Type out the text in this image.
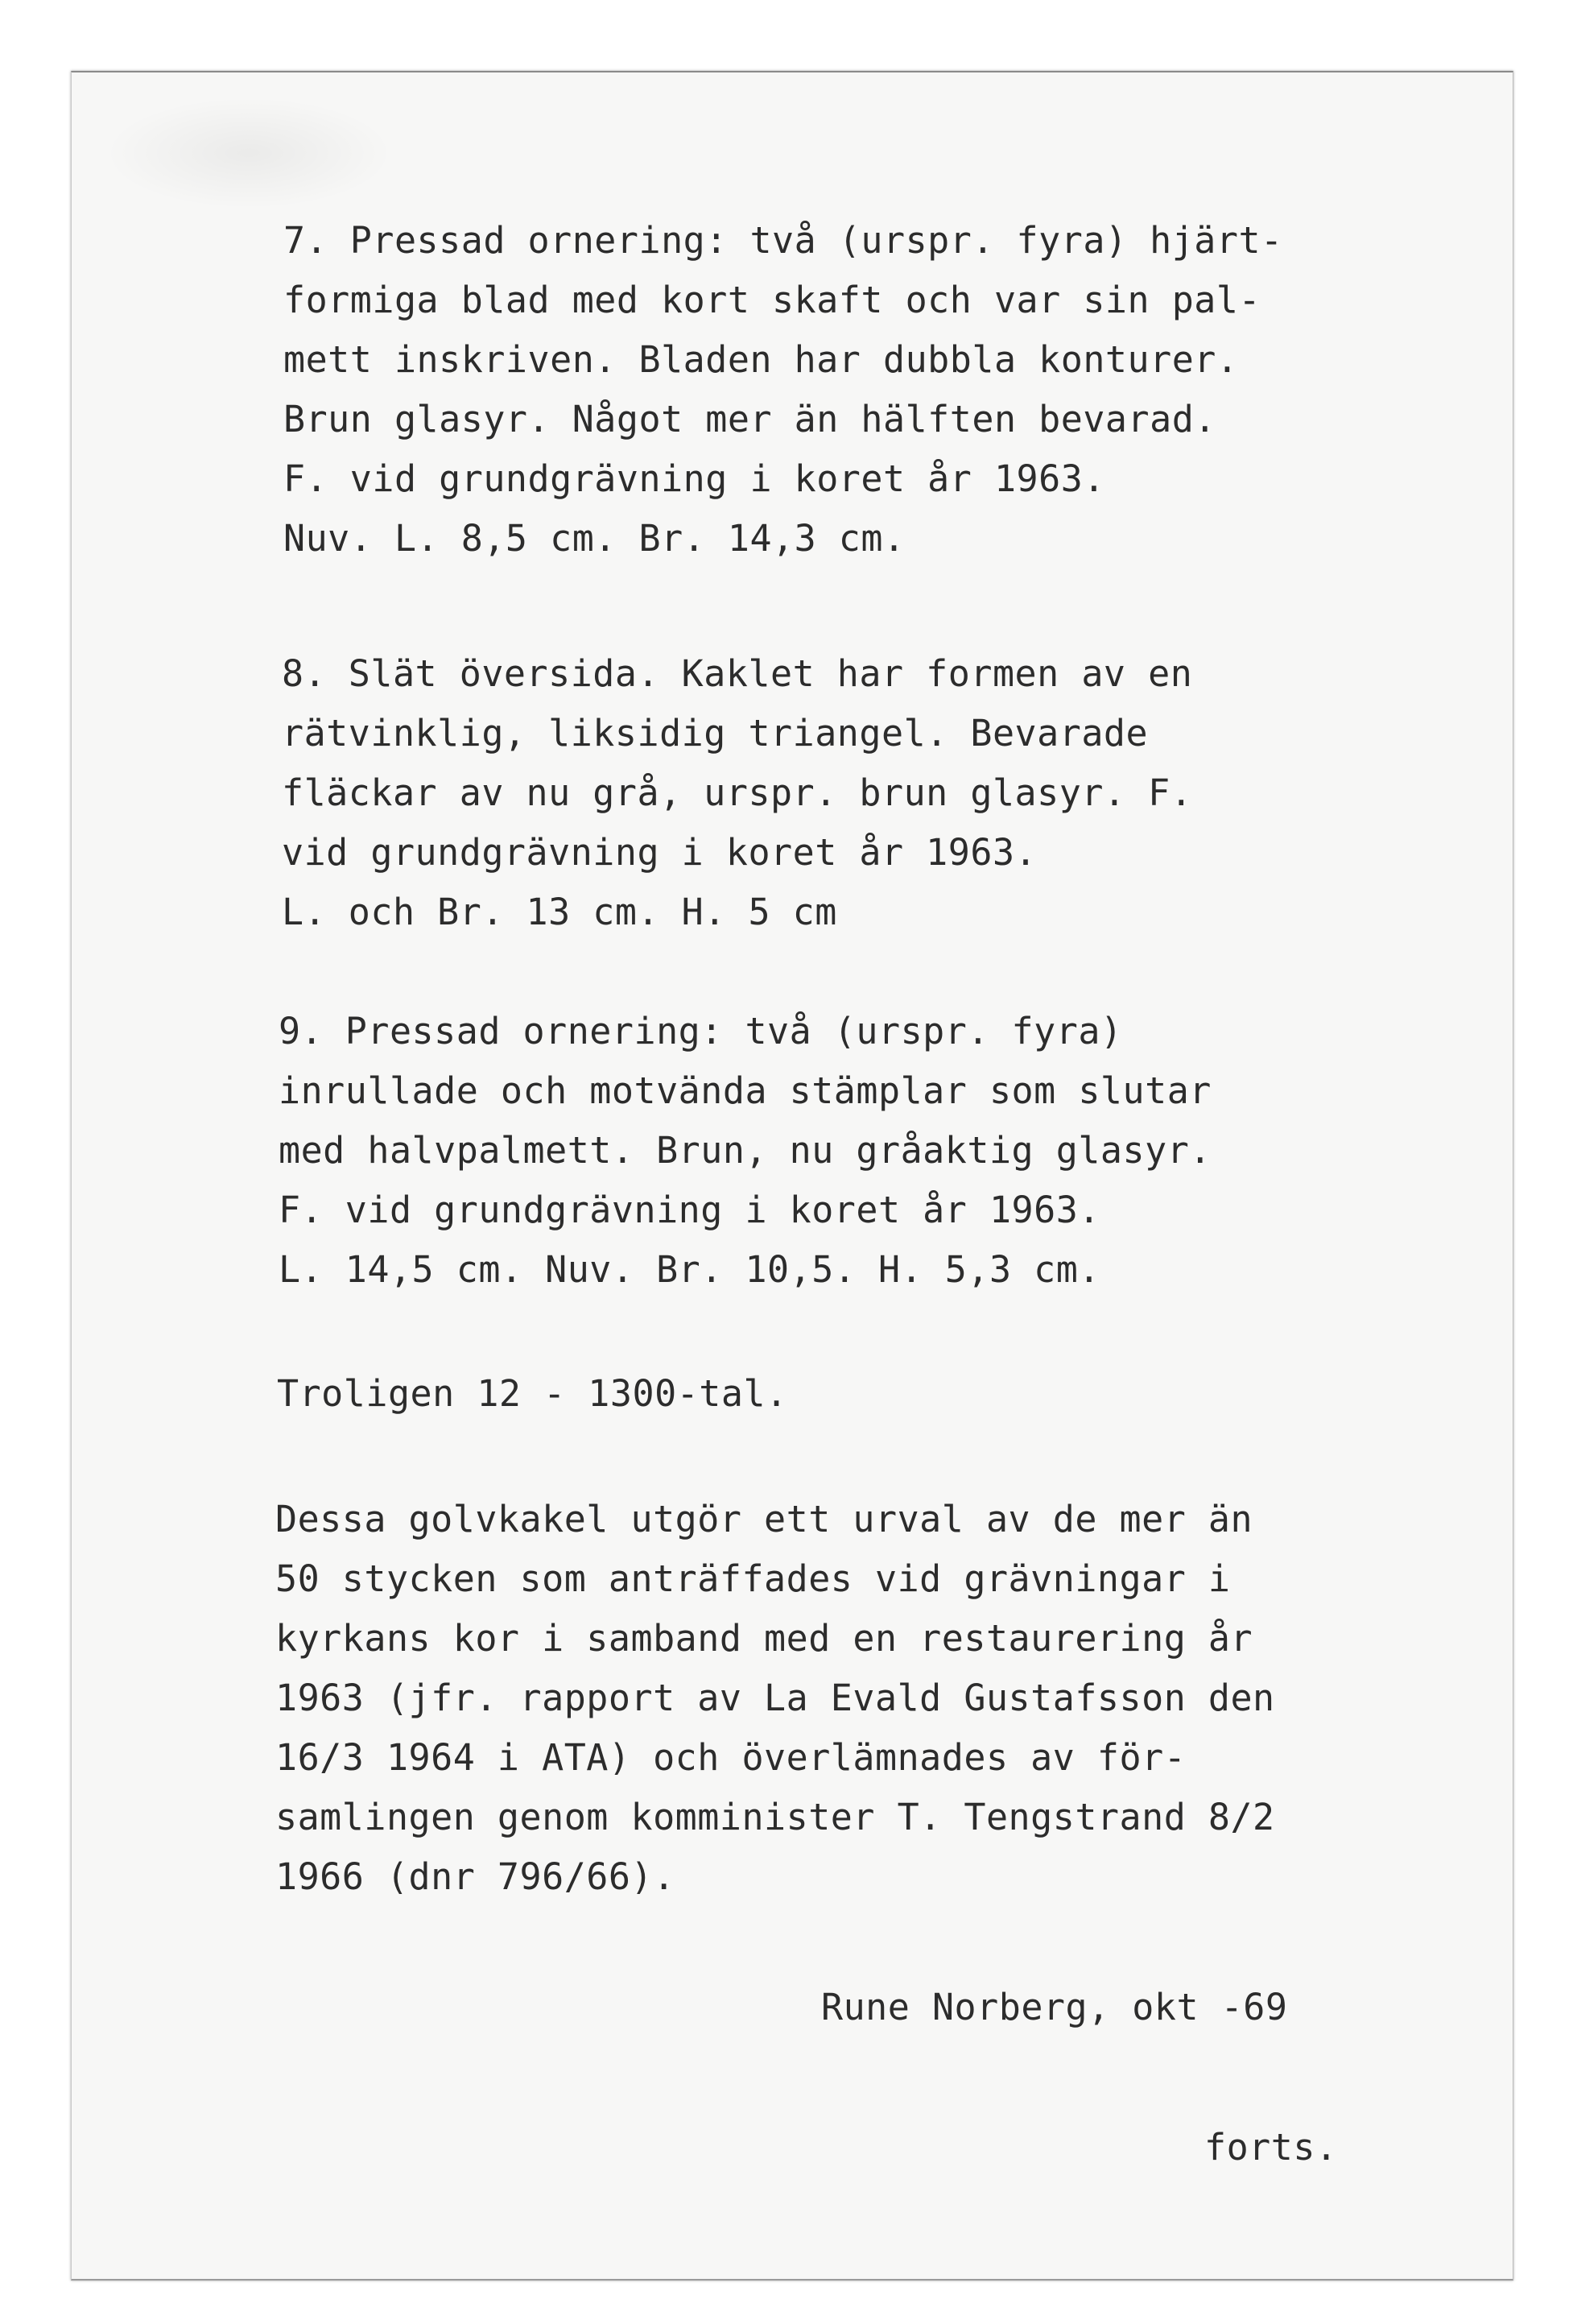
7. Pressad ornering: två (urspr. fyra) hjärt-
formiga blad med kort skaft och var sin pal-
mett inskriven. Bladen har dubbla konturer.
Brun glasyr. Något mer än hälften bevarad.
F. vid grundgrävning i koret år 1963.
Nuv. L. 8,5 cm. Br. 14,3 cm.
8. Slät översida. Kaklet har formen av en
rätvinklig, liksidig triangel. Bevarade
fläckar av nu grå, urspr. brun glasyr. F.
vid grundgrävning i koret år 1963.
L. och Br. 13 cm. H. 5 cm
9. Pressad ornering: två (urspr. fyra)
inrullade och motvända stämplar som slutar
med halvpalmett. Brun, nu gråaktig glasyr.
F. vid grundgrävning i koret år 1963.
L. 14,5 cm. Nuv. Br. 10,5. H. 5,3 cm.
Troligen 12 - 1300-tal.
Dessa golvkakel utgör ett urval av de mer än
50 stycken som anträffades vid grävningar i
kyrkans kor i samband med en restaurering år
1963 (jfr. rapport av La Evald Gustafsson den
16/3 1964 i ATA) och överlämnades av för-
samlingen genom komminister T. Tengstrand 8/2
1966 (dnr 796/66).
Rune Norberg, okt -69
forts.
